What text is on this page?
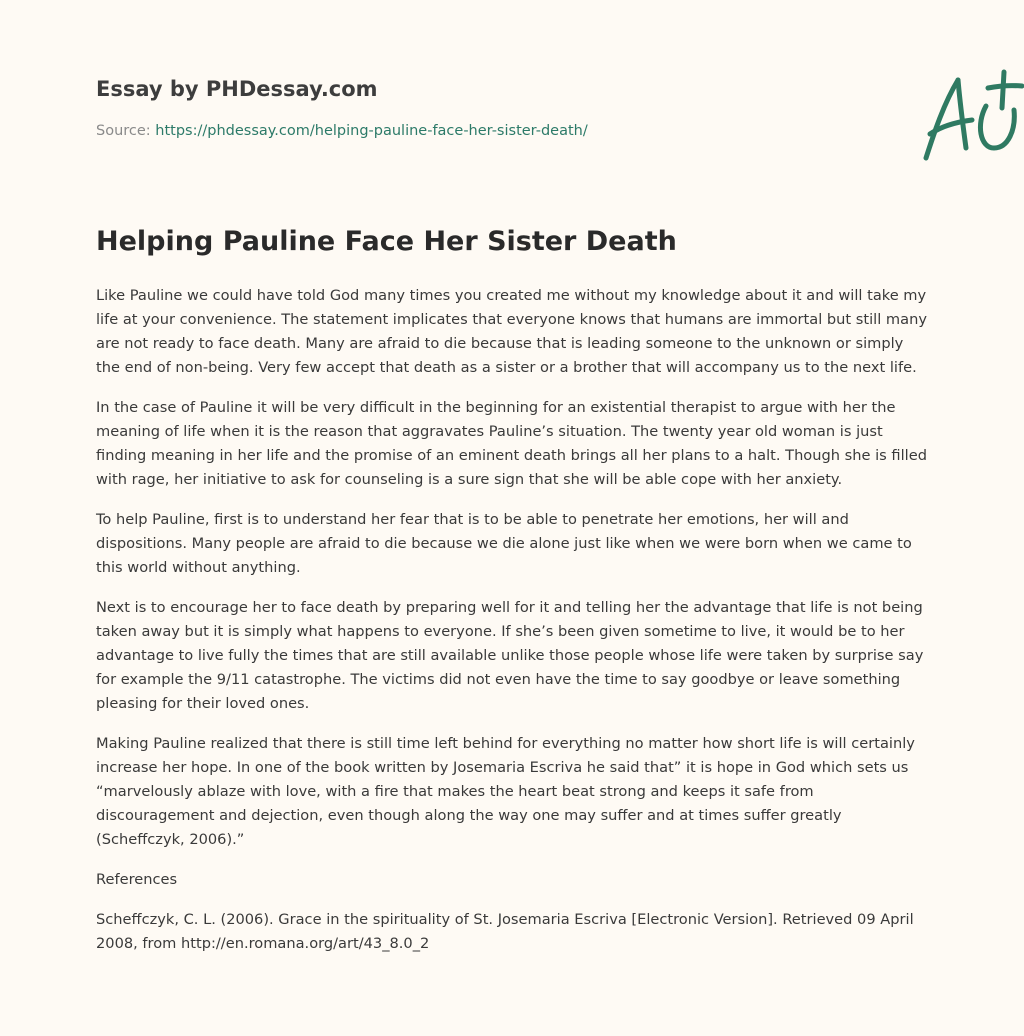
Essay by PHDessay.com

Source: https://phdessay.com/helping-pauline-face-her-sister-death/

Helping Pauline Face Her Sister Death

Like Pauline we could have told God many times you created me without my knowledge about it and will take my life at your convenience. The statement implicates that everyone knows that humans are immortal but still many are not ready to face death. Many are afraid to die because that is leading someone to the unknown or simply the end of non-being. Very few accept that death as a sister or a brother that will accompany us to the next life.

In the case of Pauline it will be very difficult in the beginning for an existential therapist to argue with her the meaning of life when it is the reason that aggravates Pauline’s situation. The twenty year old woman is just finding meaning in her life and the promise of an eminent death brings all her plans to a halt. Though she is filled with rage, her initiative to ask for counseling is a sure sign that she will be able cope with her anxiety.

To help Pauline, first is to understand her fear that is to be able to penetrate her emotions, her will and dispositions. Many people are afraid to die because we die alone just like when we were born when we came to this world without anything.

Next is to encourage her to face death by preparing well for it and telling her the advantage that life is not being taken away but it is simply what happens to everyone. If she’s been given sometime to live, it would be to her advantage to live fully the times that are still available unlike those people whose life were taken by surprise say for example the 9/11 catastrophe. The victims did not even have the time to say goodbye or leave something pleasing for their loved ones.

Making Pauline realized that there is still time left behind for everything no matter how short life is will certainly increase her hope. In one of the book written by Josemaria Escriva he said that” it is hope in God which sets us “marvelously ablaze with love, with a fire that makes the heart beat strong and keeps it safe from discouragement and dejection, even though along the way one may suffer and at times suffer greatly (Scheffczyk, 2006).”

References

Scheffczyk, C. L. (2006). Grace in the spirituality of St. Josemaria Escriva [Electronic Version]. Retrieved 09 April 2008, from http://en.romana.org/art/43_8.0_2
